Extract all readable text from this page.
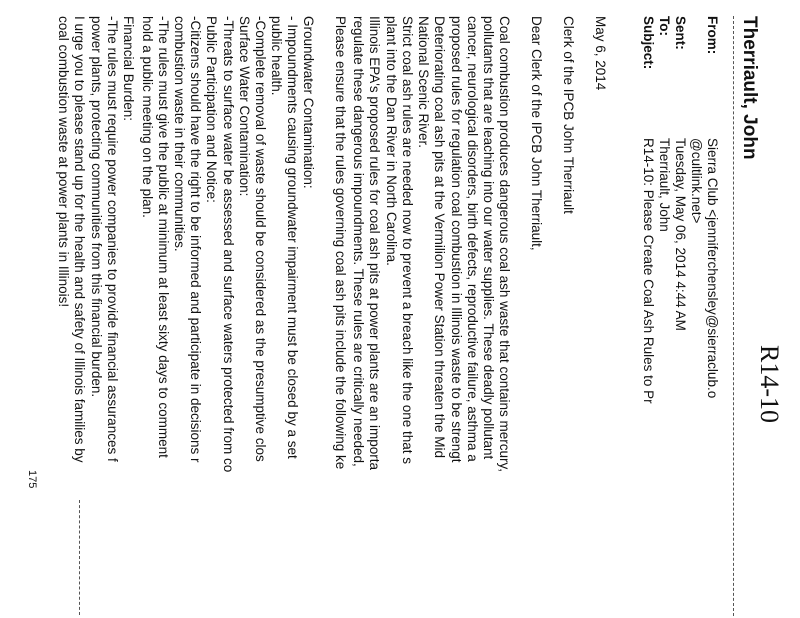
R14-10
Therriault, John
From:
Sierra Club <jenniferchensley@sierraclub.o
@cultlink.net>
Sent:
Tuesday, May 06, 2014 4:44 AM
To:
Therriault, John
Subject:
R14-10: Please Create Coal Ash Rules to Pr
May 6, 2014
Clerk of the IPCB John Therriault
Dear Clerk of the IPCB John Therriault,
Coal combustion produces dangerous coal ash waste that contains mercury,
pollutants that are leaching into our water supplies. These deadly pollutant
cancer, neurological disorders, birth defects, reproductive failure, asthma a
proposed rules for regulation coal combustion in Illinois waste to be strengt
Deteriorating coal ash pits at the Vermilion Power Station threaten the Mid
National Scenic River.
Strict coal ash rules are needed now to prevent a breach like the one that s
plant into the Dan River in North Carolina.
Illinois EPA's proposed rules for coal ash pits at power plants are an importa
regulate these dangerous impoundments. These rules are critically needed,
Please ensure that the rules governing coal ash pits include the following ke
Groundwater Contamination:
- Impoundments causing groundwater impairment must be closed by a set
public health.
-Complete removal of waste should be considered as the presumptive clos
Surface Water Contamination:
-Threats to surface water be assessed and surface waters protected from co
Public Participation and Notice:
-Citizens should have the right to be informed and participate in decisions r
combustion waste in their communities.
-The rules must give the public at minimum at least sixty days to comment
hold a public meeting on the plan.
Financial Burden:
-The rules must require power companies to provide financial assurances f
power plants, protecting communities from this financial burden.
I urge you to please stand up for the health and safety of Illinois families by
coal combustion waste at power plants in Illinois!
175
